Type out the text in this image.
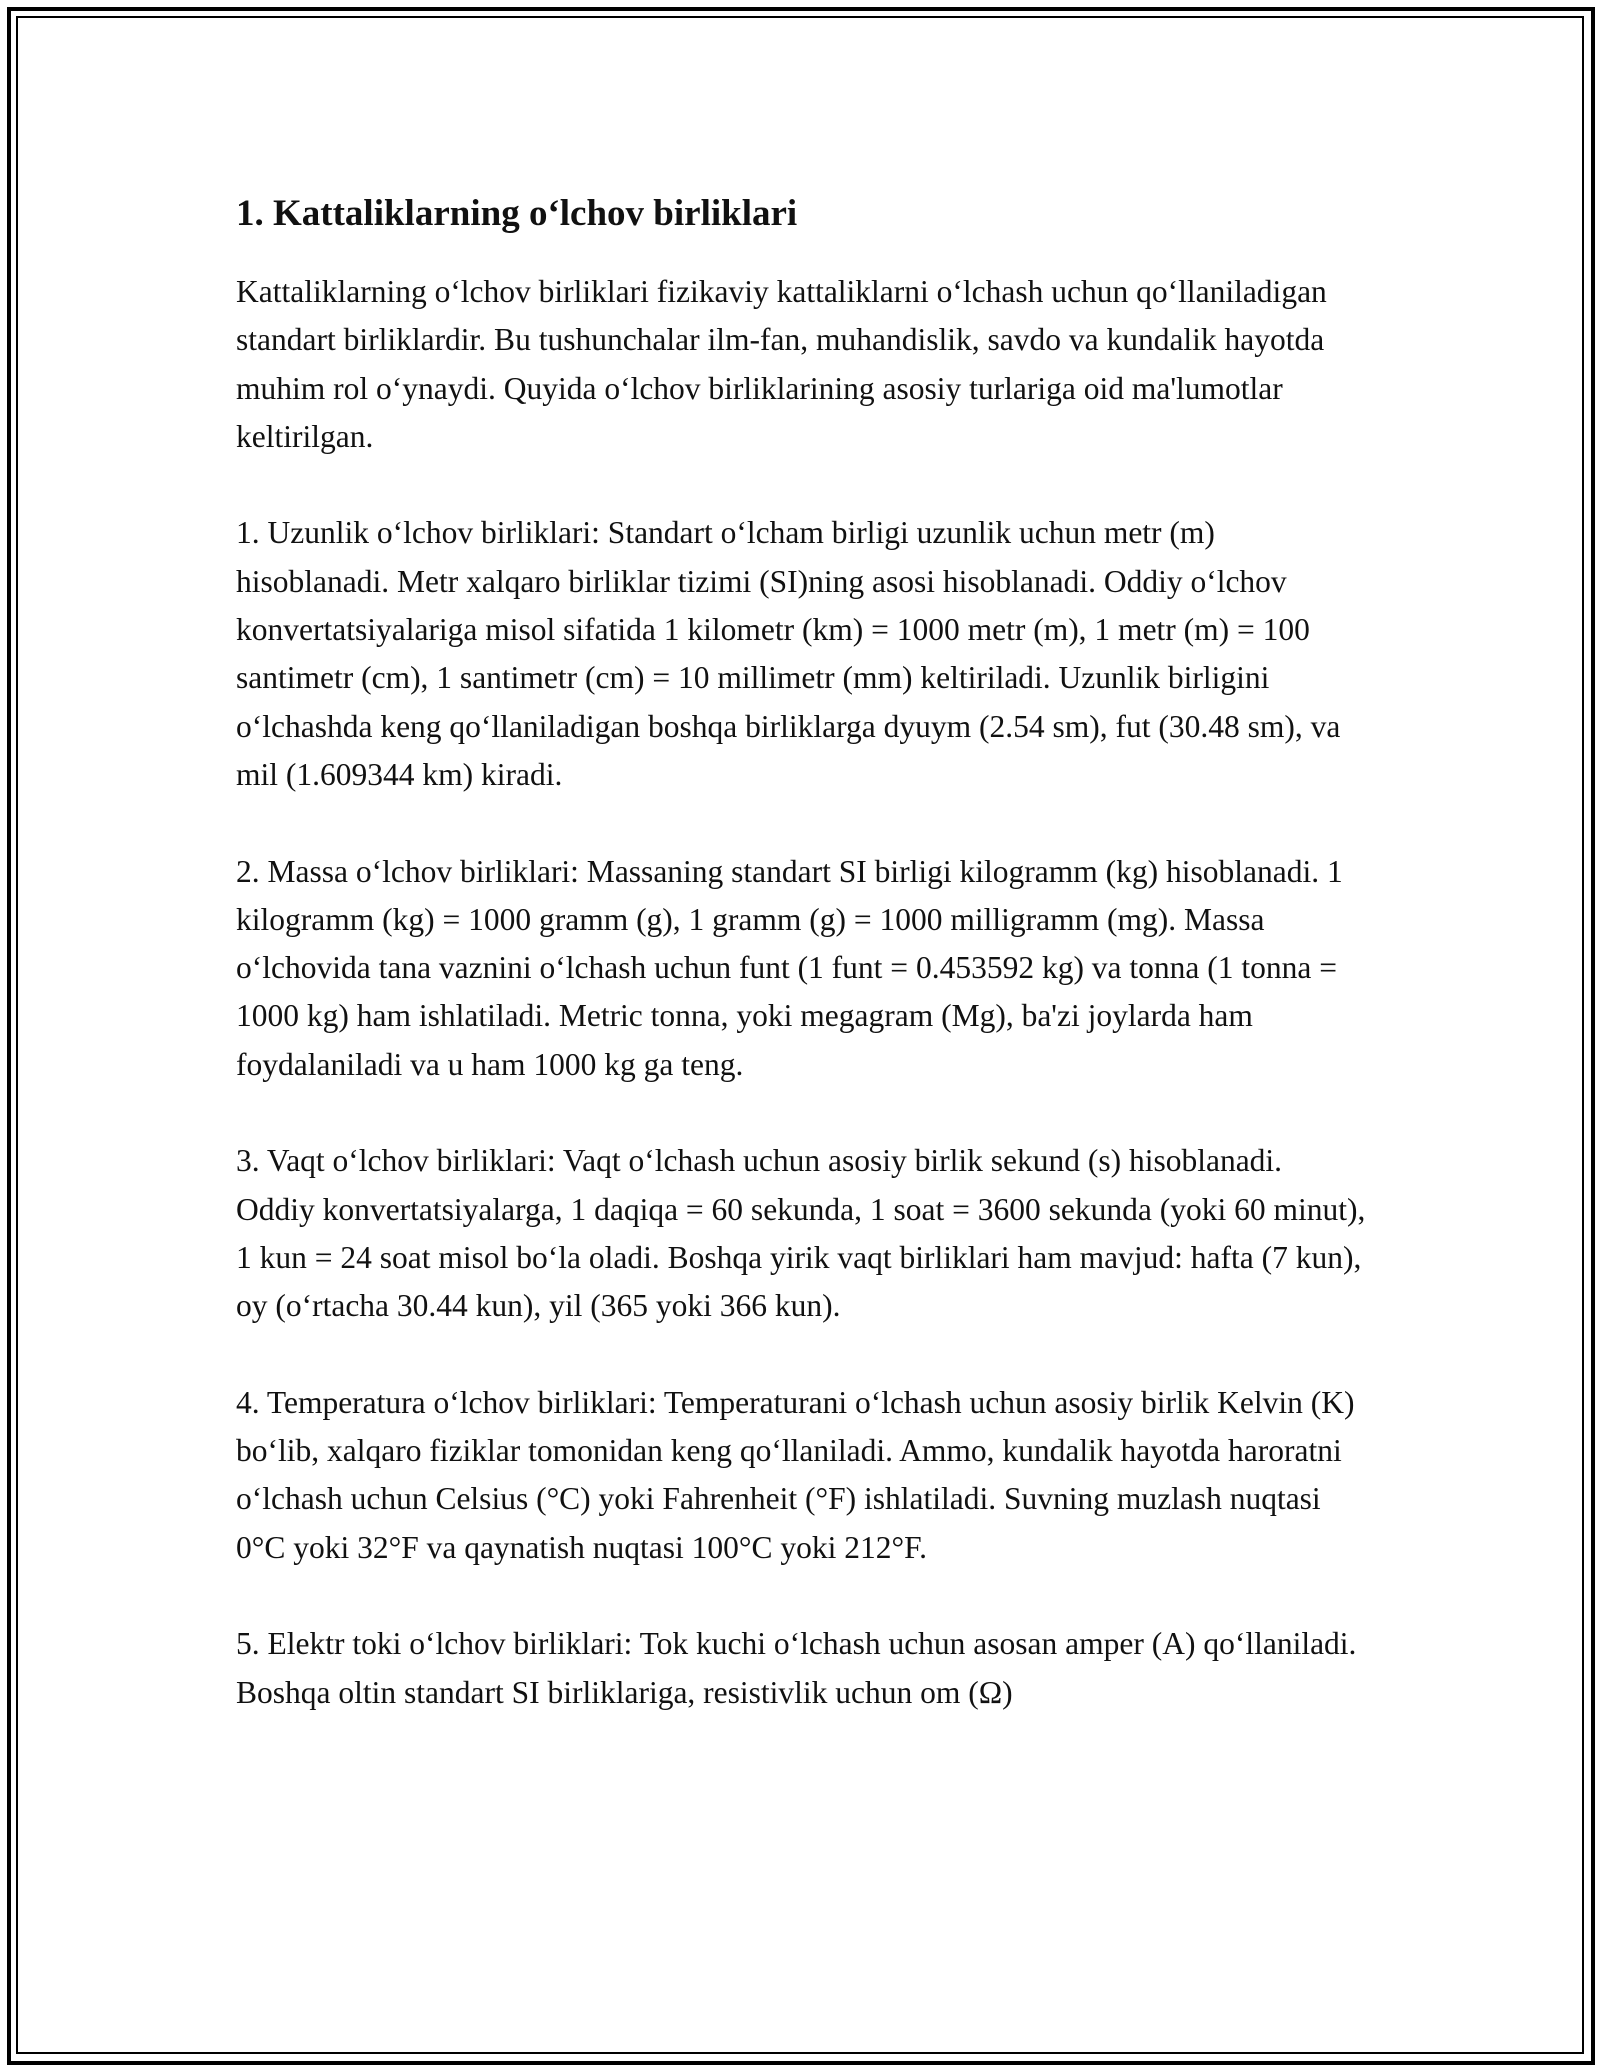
1. Kattaliklarning o‘lchov birliklari

Kattaliklarning o‘lchov birliklari fizikaviy kattaliklarni o‘lchash uchun qo‘llaniladigan standart birliklardir. Bu tushunchalar ilm-fan, muhandislik, savdo va kundalik hayotda muhim rol o‘ynaydi. Quyida o‘lchov birliklarining asosiy turlariga oid ma'lumotlar keltirilgan.

1. Uzunlik o‘lchov birliklari: Standart o‘lcham birligi uzunlik uchun metr (m) hisoblanadi. Metr xalqaro birliklar tizimi (SI)ning asosi hisoblanadi. Oddiy o‘lchov konvertatsiyalariga misol sifatida 1 kilometr (km) = 1000 metr (m), 1 metr (m) = 100 santimetr (cm), 1 santimetr (cm) = 10 millimetr (mm) keltiriladi. Uzunlik birligini o‘lchashda keng qo‘llaniladigan boshqa birliklarga dyuym (2.54 sm), fut (30.48 sm), va mil (1.609344 km) kiradi.

2. Massa o‘lchov birliklari: Massaning standart SI birligi kilogramm (kg) hisoblanadi. 1 kilogramm (kg) = 1000 gramm (g), 1 gramm (g) = 1000 milligramm (mg). Massa o‘lchovida tana vaznini o‘lchash uchun funt (1 funt = 0.453592 kg) va tonna (1 tonna = 1000 kg) ham ishlatiladi. Metric tonna, yoki megagram (Mg), ba'zi joylarda ham foydalaniladi va u ham 1000 kg ga teng.

3. Vaqt o‘lchov birliklari: Vaqt o‘lchash uchun asosiy birlik sekund (s) hisoblanadi. Oddiy konvertatsiyalarga, 1 daqiqa = 60 sekunda, 1 soat = 3600 sekunda (yoki 60 minut), 1 kun = 24 soat misol bo‘la oladi. Boshqa yirik vaqt birliklari ham mavjud: hafta (7 kun), oy (o‘rtacha 30.44 kun), yil (365 yoki 366 kun).

4. Temperatura o‘lchov birliklari: Temperaturani o‘lchash uchun asosiy birlik Kelvin (K) bo‘lib, xalqaro fiziklar tomonidan keng qo‘llaniladi. Ammo, kundalik hayotda haroratni o‘lchash uchun Celsius (°C) yoki Fahrenheit (°F) ishlatiladi. Suvning muzlash nuqtasi 0°C yoki 32°F va qaynatish nuqtasi 100°C yoki 212°F.

5. Elektr toki o‘lchov birliklari: Tok kuchi o‘lchash uchun asosan amper (A) qo‘llaniladi. Boshqa oltin standart SI birliklariga, resistivlik uchun om (Ω)
